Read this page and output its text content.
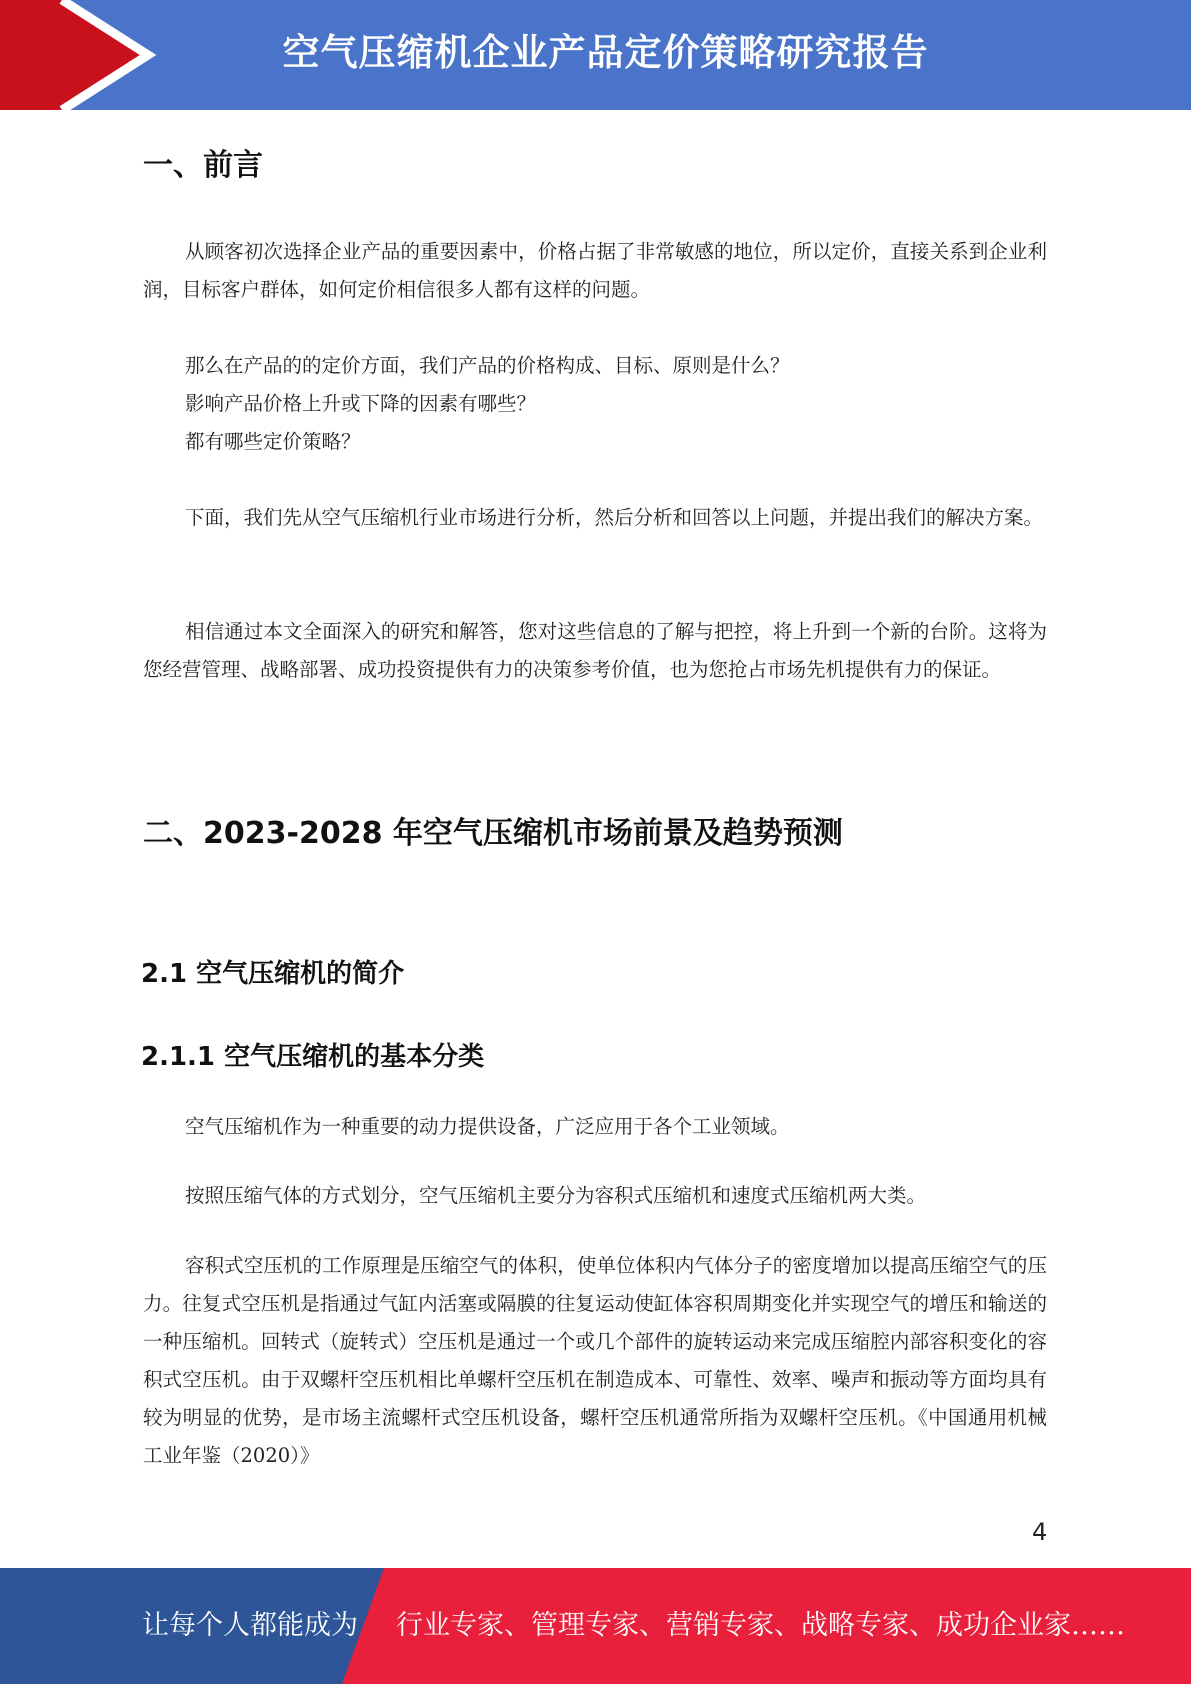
空气压缩机企业产品定价策略研究报告
一、前言
从顾客初次选择企业产品的重要因素中，价格占据了非常敏感的地位，所以定价，直接关系到企业利润，目标客户群体，如何定价相信很多人都有这样的问题。
那么在产品的的定价方面，我们产品的价格构成、目标、原则是什么？
影响产品价格上升或下降的因素有哪些？
都有哪些定价策略？
下面，我们先从空气压缩机行业市场进行分析，然后分析和回答以上问题，并提出我们的解决方案。
相信通过本文全面深入的研究和解答，您对这些信息的了解与把控，将上升到一个新的台阶。这将为您经营管理、战略部署、成功投资提供有力的决策参考价值，也为您抢占市场先机提供有力的保证。
二、2023-2028 年空气压缩机市场前景及趋势预测
2.1 空气压缩机的简介
2.1.1 空气压缩机的基本分类
空气压缩机作为一种重要的动力提供设备，广泛应用于各个工业领域。
按照压缩气体的方式划分，空气压缩机主要分为容积式压缩机和速度式压缩机两大类。
容积式空压机的工作原理是压缩空气的体积，使单位体积内气体分子的密度增加以提高压缩空气的压力。往复式空压机是指通过气缸内活塞或隔膜的往复运动使缸体容积周期变化并实现空气的增压和输送的一种压缩机。回转式（旋转式）空压机是通过一个或几个部件的旋转运动来完成压缩腔内部容积变化的容积式空压机。由于双螺杆空压机相比单螺杆空压机在制造成本、可靠性、效率、噪声和振动等方面均具有较为明显的优势，是市场主流螺杆式空压机设备，螺杆空压机通常所指为双螺杆空压机。《中国通用机械工业年鉴（2020）》
4
让每个人都能成为 行业专家、管理专家、营销专家、战略专家、成功企业家……
